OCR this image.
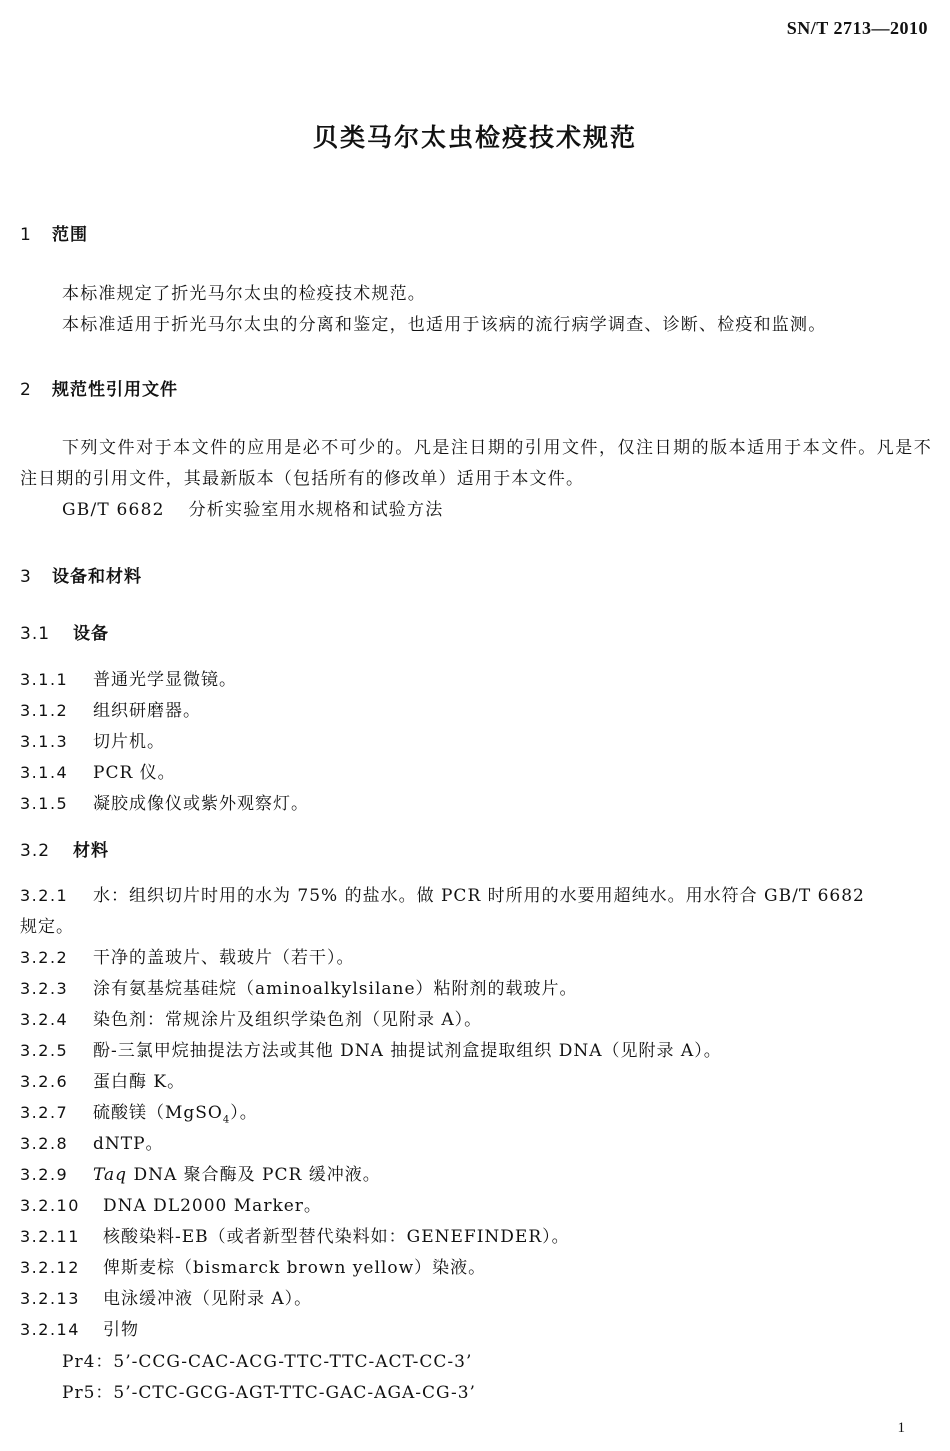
SN/T 2713—2010
贝类马尔太虫检疫技术规范
1 范围
本标准规定了折光马尔太虫的检疫技术规范。
本标准适用于折光马尔太虫的分离和鉴定，也适用于该病的流行病学调查、诊断、检疫和监测。
2 规范性引用文件
下列文件对于本文件的应用是必不可少的。凡是注日期的引用文件，仅注日期的版本适用于本文件。凡是不注日期的引用文件，其最新版本（包括所有的修改单）适用于本文件。
GB/T 6682 分析实验室用水规格和试验方法
3 设备和材料
3.1 设备
3.1.1 普通光学显微镜。
3.1.2 组织研磨器。
3.1.3 切片机。
3.1.4 PCR 仪。
3.1.5 凝胶成像仪或紫外观察灯。
3.2 材料
3.2.1 水：组织切片时用的水为 75% 的盐水。做 PCR 时所用的水要用超纯水。用水符合 GB/T 6682
规定。
3.2.2 干净的盖玻片、载玻片（若干）。
3.2.3 涂有氨基烷基硅烷（aminoalkylsilane）粘附剂的载玻片。
3.2.4 染色剂：常规涂片及组织学染色剂（见附录 A）。
3.2.5 酚-三氯甲烷抽提法方法或其他 DNA 抽提试剂盒提取组织 DNA（见附录 A）。
3.2.6 蛋白酶 K。
3.2.7 硫酸镁（MgSO$_4$）。
3.2.8 dNTP。
3.2.9 Taq DNA 聚合酶及 PCR 缓冲液。
3.2.10 DNA DL2000 Marker。
3.2.11 核酸染料-EB（或者新型替代染料如：GENEFINDER）。
3.2.12 俾斯麦棕（bismarck brown yellow）染液。
3.2.13 电泳缓冲液（见附录 A）。
3.2.14 引物
Pr4：5’-CCG-CAC-ACG-TTC-TTC-ACT-CC-3’
Pr5：5’-CTC-GCG-AGT-TTC-GAC-AGA-CG-3’
1
